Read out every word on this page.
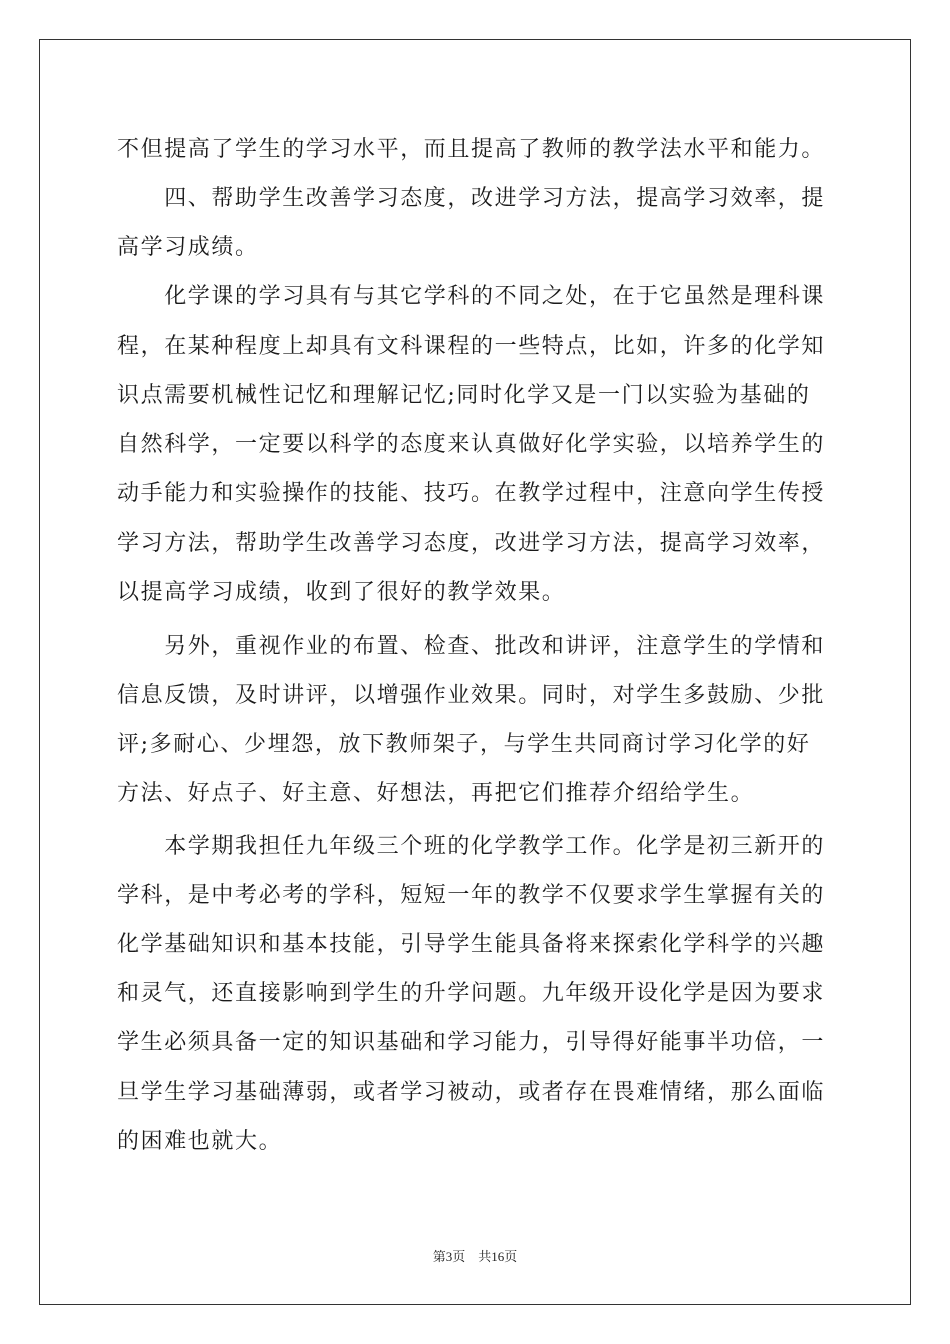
不但提高了学生的学习水平，而且提高了教师的教学法水平和能力。
　　四、帮助学生改善学习态度，改进学习方法，提高学习效率，提
高学习成绩。
　　化学课的学习具有与其它学科的不同之处，在于它虽然是理科课
程，在某种程度上却具有文科课程的一些特点，比如，许多的化学知
识点需要机械性记忆和理解记忆;同时化学又是一门以实验为基础的
自然科学，一定要以科学的态度来认真做好化学实验，以培养学生的
动手能力和实验操作的技能、技巧。在教学过程中，注意向学生传授
学习方法，帮助学生改善学习态度，改进学习方法，提高学习效率，
以提高学习成绩，收到了很好的教学效果。
　　另外，重视作业的布置、检查、批改和讲评，注意学生的学情和
信息反馈，及时讲评，以增强作业效果。同时，对学生多鼓励、少批
评;多耐心、少埋怨，放下教师架子，与学生共同商讨学习化学的好
方法、好点子、好主意、好想法，再把它们推荐介绍给学生。
　　本学期我担任九年级三个班的化学教学工作。化学是初三新开的
学科，是中考必考的学科，短短一年的教学不仅要求学生掌握有关的
化学基础知识和基本技能，引导学生能具备将来探索化学科学的兴趣
和灵气，还直接影响到学生的升学问题。九年级开设化学是因为要求
学生必须具备一定的知识基础和学习能力，引导得好能事半功倍，一
旦学生学习基础薄弱，或者学习被动，或者存在畏难情绪，那么面临
的困难也就大。
第3页　共16页
